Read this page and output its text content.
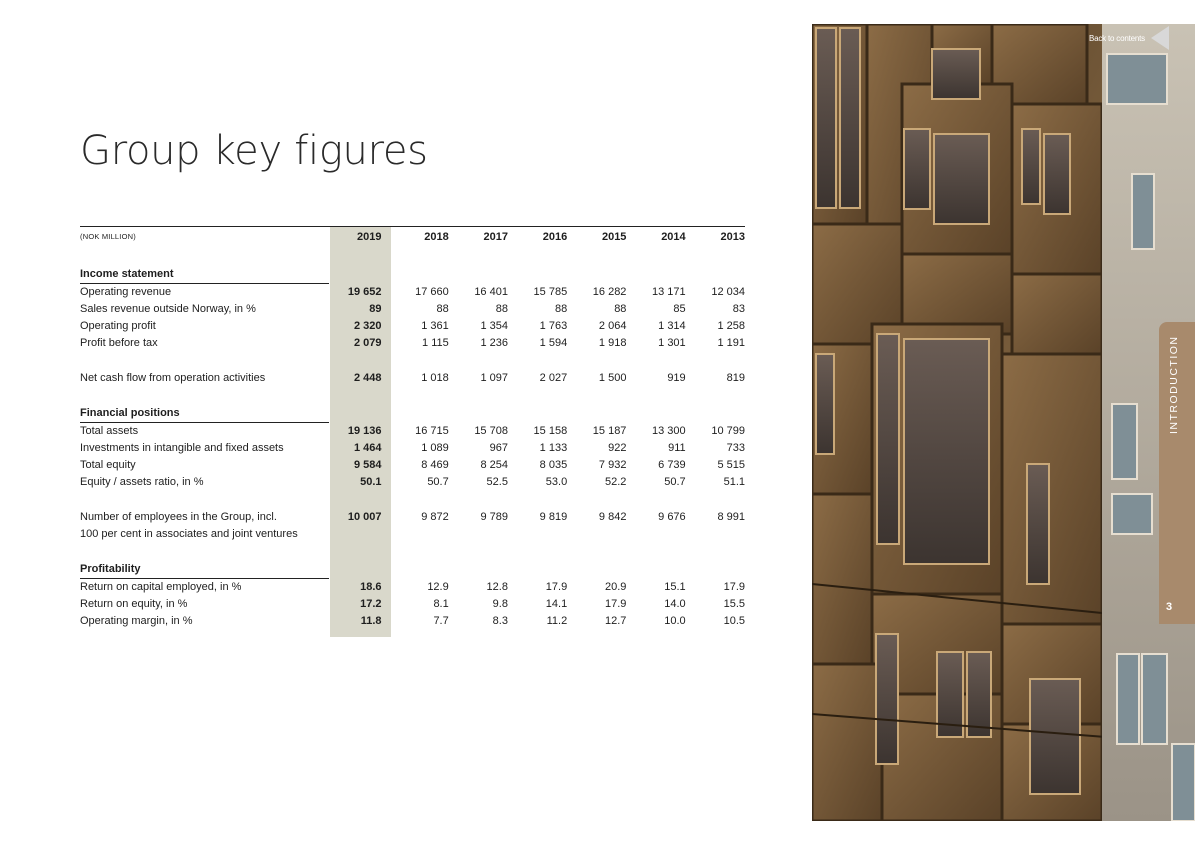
Group key figures
(NOK MILLION)	2019	2018	2017	2016	2015	2014	2013

Income statement							
Operating revenue	19 652	17 660	16 401	15 785	16 282	13 171	12 034
Sales revenue outside Norway, in %	89	88	88	88	88	85	83
Operating profit	2 320	1 361	1 354	1 763	2 064	1 314	1 258
Profit before tax	2 079	1 115	1 236	1 594	1 918	1 301	1 191

Net cash flow from operation activities	2 448	1 018	1 097	2 027	1 500	919	819

Financial positions							
Total assets	19 136	16 715	15 708	15 158	15 187	13 300	10 799
Investments in intangible and fixed assets	1 464	1 089	967	1 133	922	911	733
Total equity	9 584	8 469	8 254	8 035	7 932	6 739	5 515
Equity / assets ratio, in %	50.1	50.7	52.5	53.0	52.2	50.7	51.1

Number of employees in the Group, incl.	10 007	9 872	9 789	9 819	9 842	9 676	8 991
100 per cent in associates and joint ventures							

Profitability							
Return on capital employed, in %	18.6	12.9	12.8	17.9	20.9	15.1	17.9
Return on equity, in %	17.2	8.1	9.8	14.1	17.9	14.0	15.5
Operating margin, in %	11.8	7.7	8.3	11.2	12.7	10.0	10.5
Back to contents
INTRODUCTION
3
